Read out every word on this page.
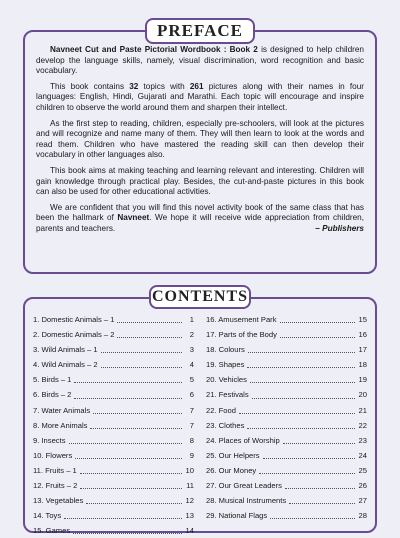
PREFACE

Navneet Cut and Paste Pictorial Wordbook : Book 2 is designed to help children develop the language skills, namely, visual discrimination, word recognition and basic vocabulary.

This book contains 32 topics with 261 pictures along with their names in four languages: English, Hindi, Gujarati and Marathi. Each topic will encourage and inspire children to observe the world around them and sharpen their intellect.

As the first step to reading, children, especially pre-schoolers, will look at the pictures and will recognize and name many of them. They will then learn to look at the words and read them. Children who have mastered the reading skill can then develop their vocabulary in other languages also.

This book aims at making teaching and learning relevant and interesting. Children will gain knowledge through practical play. Besides, the cut-and-paste pictures in this book can also be used for other educational activities.

We are confident that you will find this novel activity book of the same class that has been the hallmark of Navneet. We hope it will receive wide appreciation from children, parents and teachers.	– Publishers

CONTENTS
1. Domestic Animals – 1	1
2. Domestic Animals – 2	2
3. Wild Animals – 1	3
4. Wild Animals – 2	4
5. Birds – 1	5
6. Birds – 2	6
7. Water Animals	7
8. More Animals	7
9. Insects	8
10. Flowers	9
11. Fruits – 1	10
12. Fruits – 2	11
13. Vegetables	12
14. Toys	13
15. Games	14
16. Amusement Park	15
17. Parts of the Body	16
18. Colours	17
19. Shapes	18
20. Vehicles	19
21. Festivals	20
22. Food	21
23. Clothes	22
24. Places of Worship	23
25. Our Helpers	24
26. Our Money	25
27. Our Great Leaders	26
28. Musical Instruments	27
29. National Flags	28
